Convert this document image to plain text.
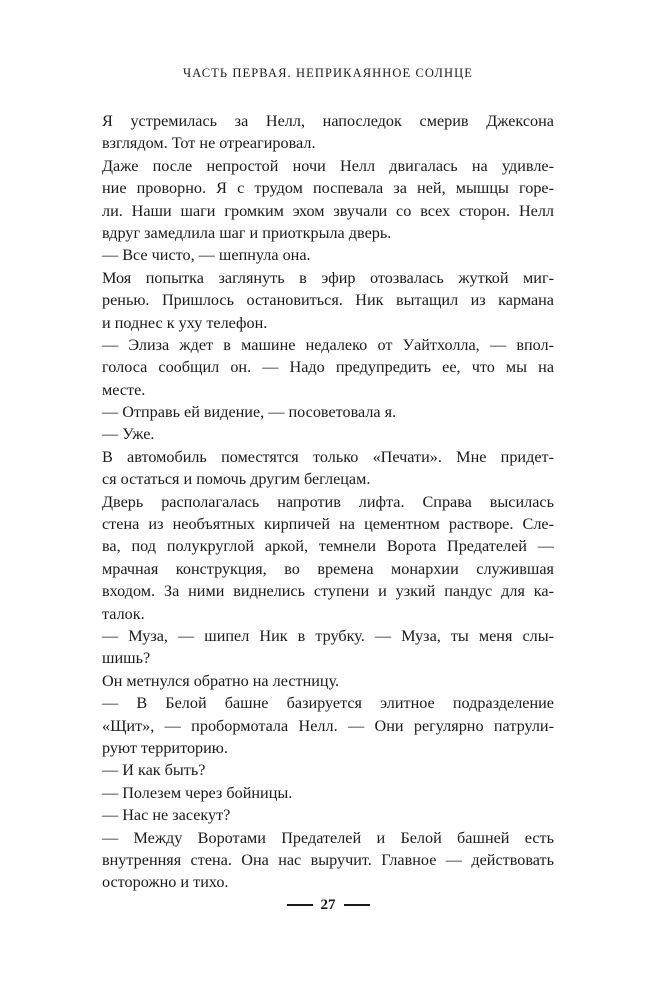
ЧАСТЬ ПЕРВАЯ. НЕПРИКАЯННОЕ СОЛНЦЕ
Я устремилась за Нелл, напоследок смерив Джексона
взглядом. Тот не отреагировал.
Даже после непростой ночи Нелл двигалась на удивле-
ние проворно. Я с трудом поспевала за ней, мышцы горе-
ли. Наши шаги громким эхом звучали со всех сторон. Нелл
вдруг замедлила шаг и приоткрыла дверь.
— Все чисто, — шепнула она.
Моя попытка заглянуть в эфир отозвалась жуткой миг-
ренью. Пришлось остановиться. Ник вытащил из кармана
и поднес к уху телефон.
— Элиза ждет в машине недалеко от Уайтхолла, — впол-
голоса сообщил он. — Надо предупредить ее, что мы на
месте.
— Отправь ей видение, — посоветовала я.
— Уже.
В автомобиль поместятся только «Печати». Мне придет-
ся остаться и помочь другим беглецам.
Дверь располагалась напротив лифта. Справа высилась
стена из необъятных кирпичей на цементном растворе. Сле-
ва, под полукруглой аркой, темнели Ворота Предателей —
мрачная конструкция, во времена монархии служившая
входом. За ними виднелись ступени и узкий пандус для ка-
талок.
— Муза, — шипел Ник в трубку. — Муза, ты меня слы-
шишь?
Он метнулся обратно на лестницу.
— В Белой башне базируется элитное подразделение
«Щит», — пробормотала Нелл. — Они регулярно патрули-
руют территорию.
— И как быть?
— Полезем через бойницы.
— Нас не засекут?
— Между Воротами Предателей и Белой башней есть
внутренняя стена. Она нас выручит. Главное — действовать
осторожно и тихо.
27
